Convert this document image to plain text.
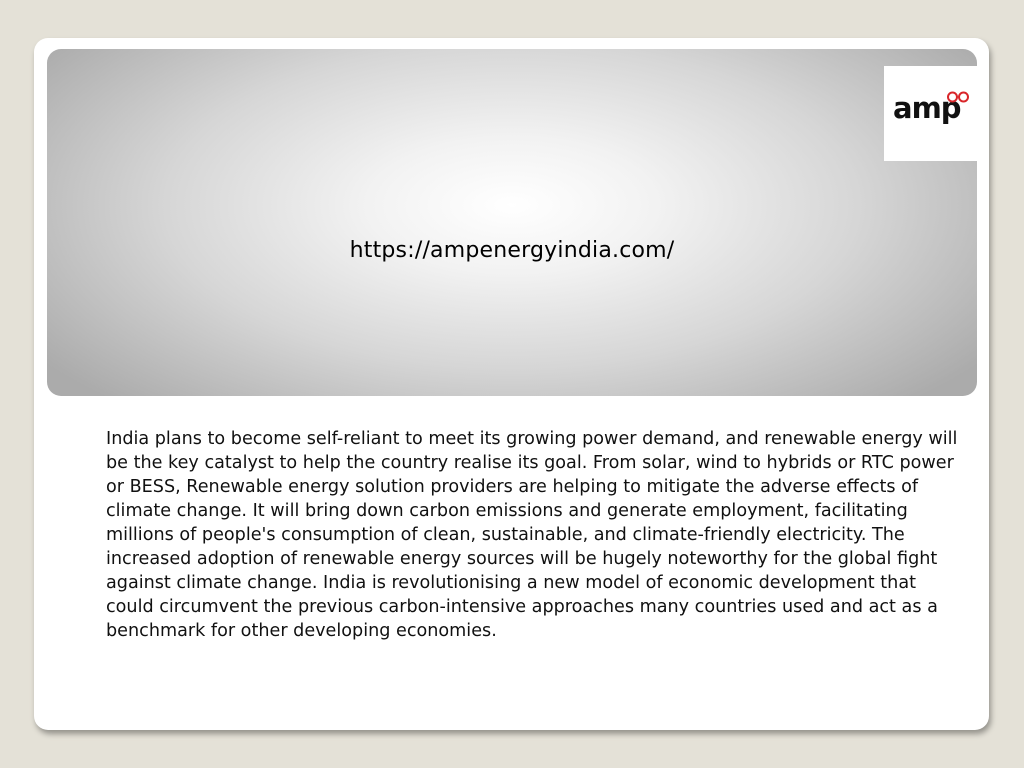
https://ampenergyindia.com/
amp

India plans to become self-reliant to meet its growing power demand, and renewable energy will be the key catalyst to help the country realise its goal. From solar, wind to hybrids or RTC power or BESS, Renewable energy solution providers are helping to mitigate the adverse effects of climate change. It will bring down carbon emissions and generate employment, facilitating millions of people's consumption of clean, sustainable, and climate-friendly electricity. The increased adoption of renewable energy sources will be hugely noteworthy for the global fight against climate change. India is revolutionising a new model of economic development that could circumvent the previous carbon-intensive approaches many countries used and act as a benchmark for other developing economies.
